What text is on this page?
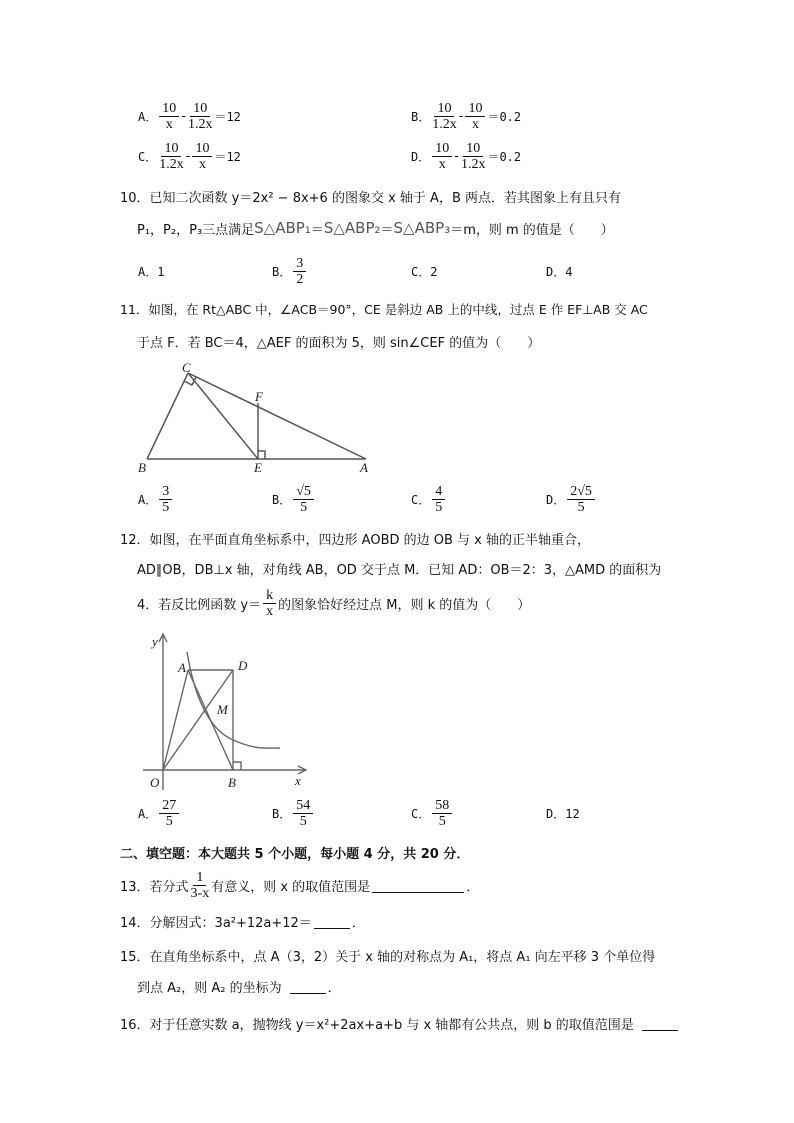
A． $\frac{10}{x} - \frac{10}{1.2x} =12$	B． $\frac{10}{1.2x} - \frac{10}{x} =0.2$
C． $\frac{10}{1.2x} - \frac{10}{x} =12$	D． $\frac{10}{x} - \frac{10}{1.2x} =0.2$
10．已知二次函数 y＝2x² − 8x+6 的图象交 x 轴于 A，B 两点．若其图象上有且只有
P₁，P₂，P₃三点满足 S△ABP₁ ＝ S△ABP₂ ＝ S△ABP₃ ＝m，则 m 的值是（　　）
A．1	B． $\frac{3}{2}$	C．2	D．4
11．如图，在 Rt△ABC 中，∠ACB＝90°，CE 是斜边 AB 上的中线，过点 E 作 EF⊥AB 交 AC
于点 F．若 BC＝4，△AEF 的面积为 5，则 sin∠CEF 的值为（　　）
C
F
B	E	A
A． $\frac{3}{5}$	B． $\frac{√5}{5}$	C． $\frac{4}{5}$	D． $\frac{2√5}{5}$
12．如图，在平面直角坐标系中，四边形 AOBD 的边 OB 与 x 轴的正半轴重合，
AD∥OB，DB⊥x 轴，对角线 AB，OD 交于点 M．已知 AD：OB＝2：3，△AMD 的面积为
4．若反比例函数 $y= \frac{k}{x}$ 的图象恰好经过点 M，则 k 的值为（　　）
y
A	D
M
O	B	x
A． $\frac{27}{5}$	B． $\frac{54}{5}$	C． $\frac{58}{5}$	D．12
二、填空题：本大题共 5 个小题，每小题 4 分，共 20 分．
13．若分式 $\frac{1}{3-x}$ 有意义，则 x 的取值范围是	．
14．分解因式：3a²+12a+12＝	．
15．在直角坐标系中，点 A（3，2）关于 x 轴的对称点为 A₁，将点 A₁ 向左平移 3 个单位得
到点 A₂，则 A₂ 的坐标为	．
16．对于任意实数 a，抛物线 y＝x²+2ax+a+b 与 x 轴都有公共点，则 b 的取值范围是
